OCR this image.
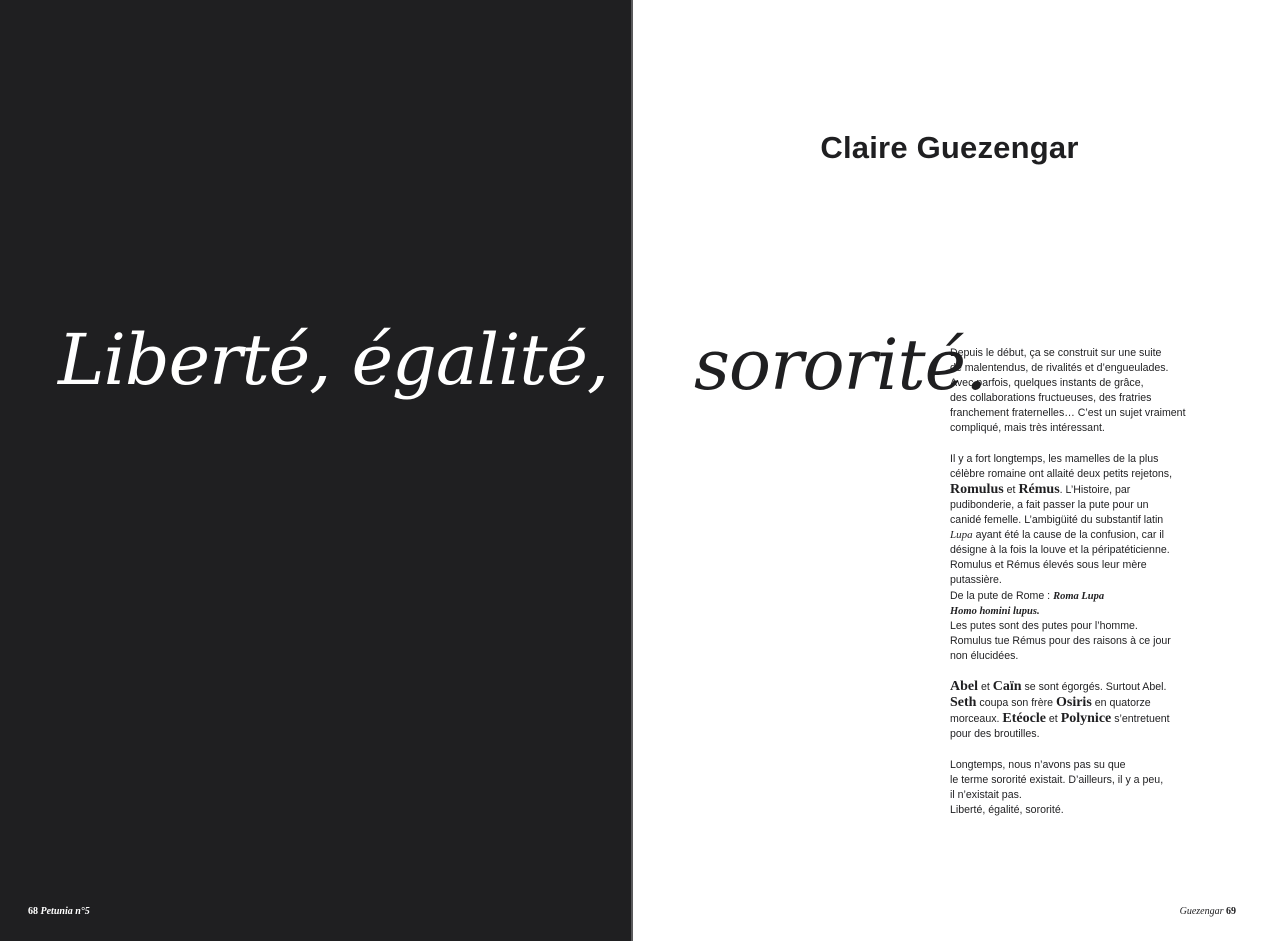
Liberté, égalité,
68 Petunia n°5
Claire Guezengar
sororité.

Depuis le début, ça se construit sur une suite
de malentendus, de rivalités et d’engueulades.
Avec parfois, quelques instants de grâce,
des collaborations fructueuses, des fratries
franchement fraternelles… C’est un sujet vraiment
compliqué, mais très intéressant.

Il y a fort longtemps, les mamelles de la plus
célèbre romaine ont allaité deux petits rejetons,
Romulus et Rémus. L’Histoire, par
pudibonderie, a fait passer la pute pour un
canidé femelle. L’ambigüité du substantif latin
Lupa ayant été la cause de la confusion, car il
désigne à la fois la louve et la péripatéticienne.
Romulus et Rémus élevés sous leur mère
putassière.
De la pute de Rome : Roma Lupa
Homo homini lupus.
Les putes sont des putes pour l’homme.
Romulus tue Rémus pour des raisons à ce jour
non élucidées.

Abel et Caïn se sont égorgés. Surtout Abel.
Seth coupa son frère Osiris en quatorze
morceaux. Etéocle et Polynice s’entretuent
pour des broutilles.

Longtemps, nous n’avons pas su que
le terme sororité existait. D’ailleurs, il y a peu,
il n’existait pas.
Liberté, égalité, sororité.

Guezengar 69
